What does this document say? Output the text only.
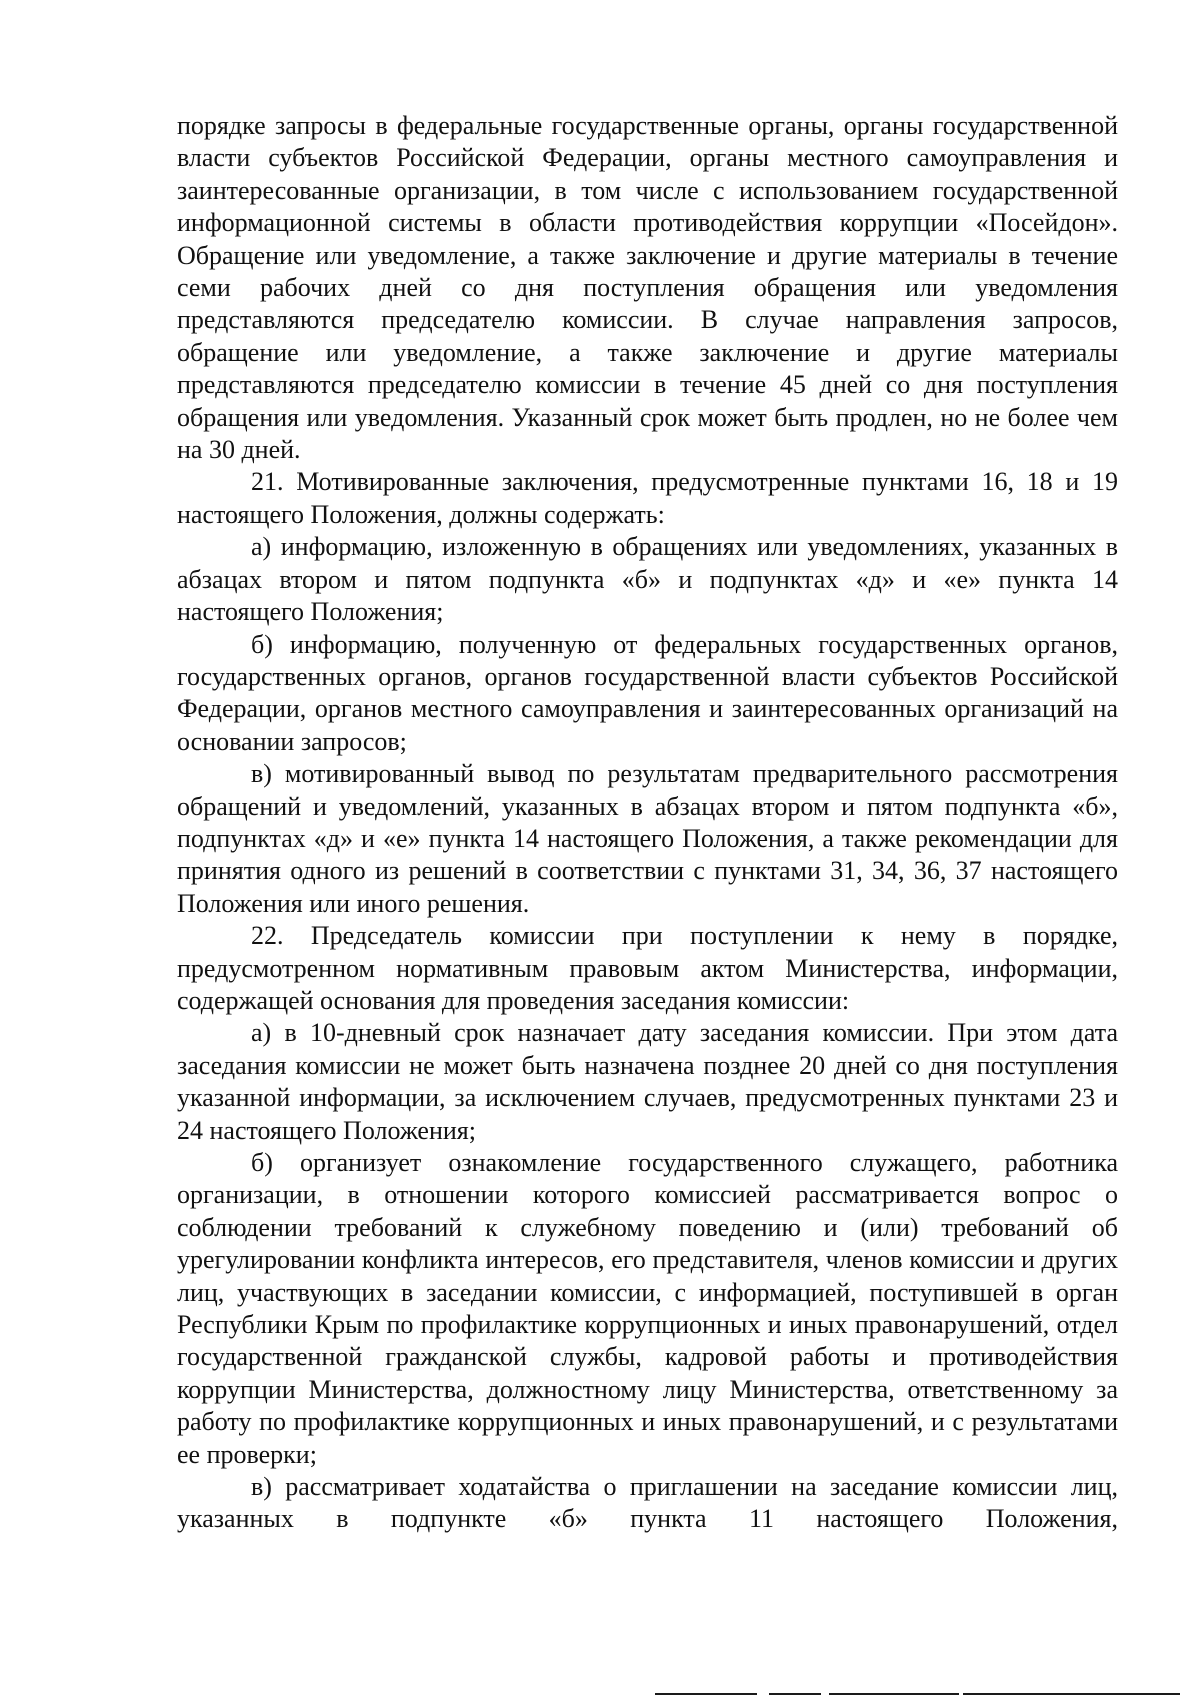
порядке запросы в федеральные государственные органы, органы государственной власти субъектов Российской Федерации, органы местного самоуправления и заинтересованные организации, в том числе с использованием государственной информационной системы в области противодействия коррупции «Посейдон». Обращение или уведомление, а также заключение и другие материалы в течение семи рабочих дней со дня поступления обращения или уведомления представляются председателю комиссии. В случае направления запросов, обращение или уведомление, а также заключение и другие материалы представляются председателю комиссии в течение 45 дней со дня поступления обращения или уведомления. Указанный срок может быть продлен, но не более чем на 30 дней.

21. Мотивированные заключения, предусмотренные пунктами 16, 18 и 19 настоящего Положения, должны содержать:

а) информацию, изложенную в обращениях или уведомлениях, указанных в абзацах втором и пятом подпункта «б» и подпунктах «д» и «е» пункта 14 настоящего Положения;

б) информацию, полученную от федеральных государственных органов, государственных органов, органов государственной власти субъектов Российской Федерации, органов местного самоуправления и заинтересованных организаций на основании запросов;

в) мотивированный вывод по результатам предварительного рассмотрения обращений и уведомлений, указанных в абзацах втором и пятом подпункта «б», подпунктах «д» и «е» пункта 14 настоящего Положения, а также рекомендации для принятия одного из решений в соответствии с пунктами 31, 34, 36, 37 настоящего Положения или иного решения.

22. Председатель комиссии при поступлении к нему в порядке, предусмотренном нормативным правовым актом Министерства, информации, содержащей основания для проведения заседания комиссии:

а) в 10-дневный срок назначает дату заседания комиссии. При этом дата заседания комиссии не может быть назначена позднее 20 дней со дня поступления указанной информации, за исключением случаев, предусмотренных пунктами 23 и 24 настоящего Положения;

б) организует ознакомление государственного служащего, работника организации, в отношении которого комиссией рассматривается вопрос о соблюдении требований к служебному поведению и (или) требований об урегулировании конфликта интересов, его представителя, членов комиссии и других лиц, участвующих в заседании комиссии, с информацией, поступившей в орган Республики Крым по профилактике коррупционных и иных правонарушений, отдел государственной гражданской службы, кадровой работы и противодействия коррупции Министерства, должностному лицу Министерства, ответственному за работу по профилактике коррупционных и иных правонарушений, и с результатами ее проверки;

в) рассматривает ходатайства о приглашении на заседание комиссии лиц, указанных в подпункте «б» пункта 11 настоящего Положения,
